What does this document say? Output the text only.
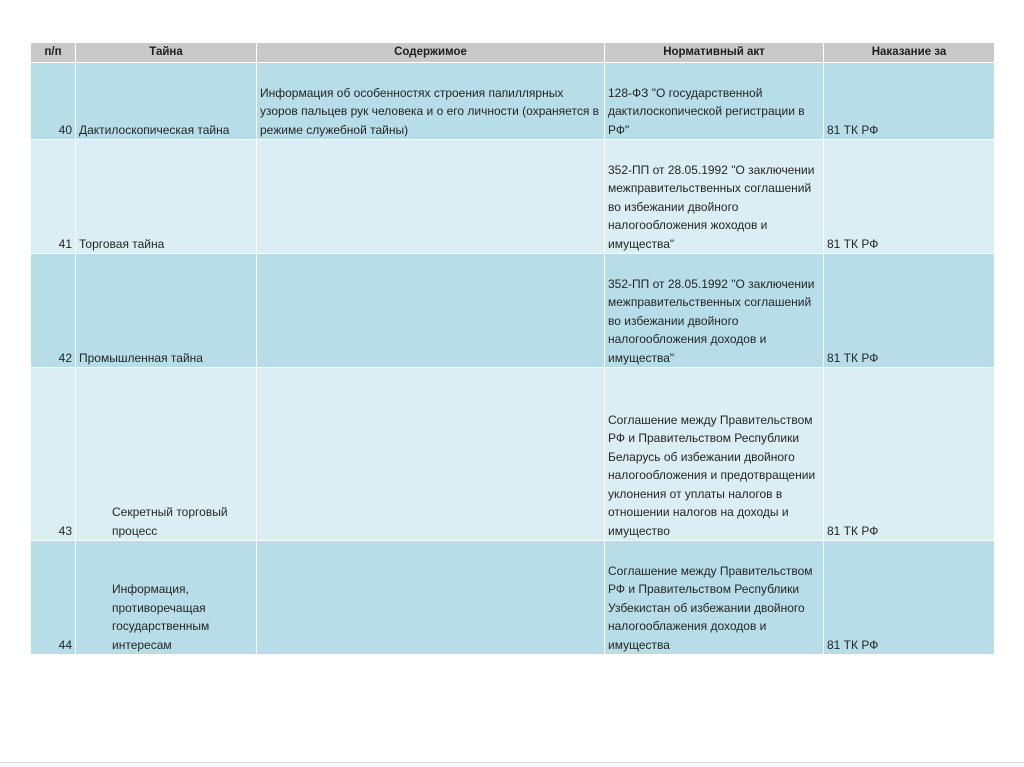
п/п	Тайна	Содержимое	Нормативный акт	Наказание за
40	Дактилоскопическая тайна	Информация об особенностях строения папиллярных узоров пальцев рук человека и о его личности (охраняется в режиме служебной тайны)	128-ФЗ "О государственной дактилоскопической регистрации в РФ"	81 ТК РФ
41	Торговая тайна		352-ПП от 28.05.1992 "О заключении межправительственных соглашений во избежании двойного налогообложения жоходов и имущества"	81 ТК РФ
42	Промышленная тайна		352-ПП от 28.05.1992 "О заключении межправительственных соглашений во избежании двойного налогообложения доходов и имущества"	81 ТК РФ
43	Секретный торговый процесс		Соглашение между Правительством РФ и Правительством Республики Беларусь об избежании двойного налогообложения и предотвращении уклонения от уплаты налогов в отношении налогов на доходы и имущество	81 ТК РФ
44	Информация, противоречащая государственным интересам		Соглашение между Правительством РФ и Правительством Республики Узбекистан об избежании двойного налогооблажения доходов и имущества	81 ТК РФ
